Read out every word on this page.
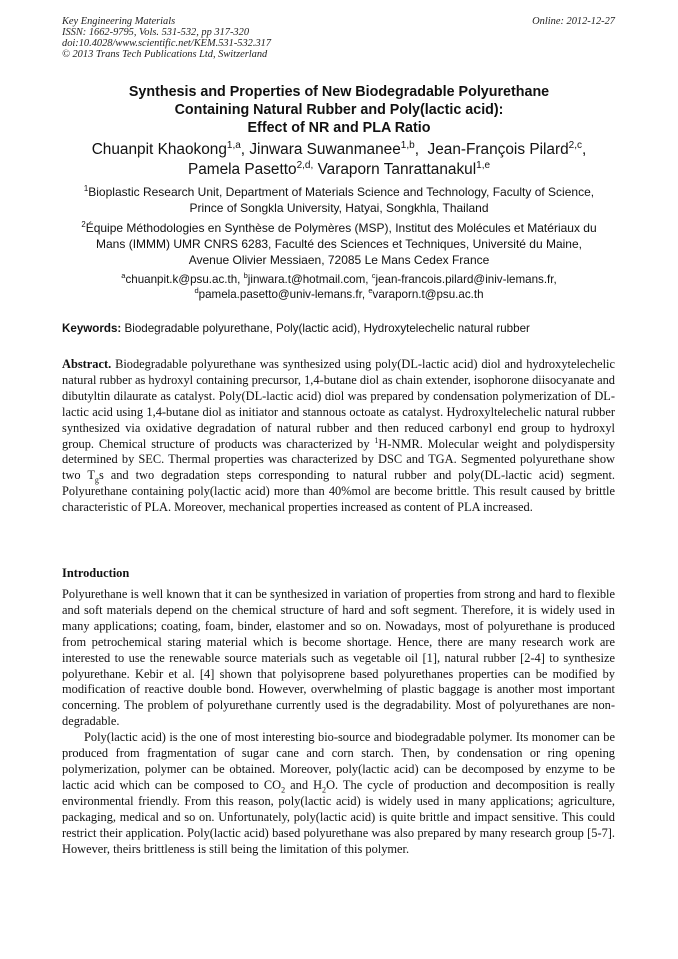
Key Engineering Materials
ISSN: 1662-9795, Vols. 531-532, pp 317-320
doi:10.4028/www.scientific.net/KEM.531-532.317
© 2013 Trans Tech Publications Ltd, Switzerland
Online: 2012-12-27
Synthesis and Properties of New Biodegradable Polyurethane
Containing Natural Rubber and Poly(lactic acid):
Effect of NR and PLA Ratio
Chuanpit Khaokong$^{1,a}$, Jinwara Suwanmanee$^{1,b}$,  Jean-François Pilard$^{2,c}$,
Pamela Pasetto$^{2,d,}$ Varaporn Tanrattanakul$^{1,e}$
$^1$Bioplastic Research Unit, Department of Materials Science and Technology, Faculty of Science,
Prince of Songkla University, Hatyai, Songkhla, Thailand
$^2$Équipe Méthodologies en Synthèse de Polymères (MSP), Institut des Molécules et Matériaux du
Mans (IMMM) UMR CNRS 6283, Faculté des Sciences et Techniques, Université du Maine,
Avenue Olivier Messiaen, 72085 Le Mans Cedex France
$^a$chuanpit.k@psu.ac.th, $^b$jinwara.t@hotmail.com, $^c$jean-francois.pilard@iniv-lemans.fr,
$^d$pamela.pasetto@univ-lemans.fr, $^e$varaporn.t@psu.ac.th
Keywords: Biodegradable polyurethane, Poly(lactic acid), Hydroxytelechelic natural rubber

Abstract. Biodegradable polyurethane was synthesized using poly(DL-lactic acid) diol and hydroxytelechelic natural rubber as hydroxyl containing precursor, 1,4-butane diol as chain extender, isophorone diisocyanate and dibutyltin dilaurate as catalyst. Poly(DL-lactic acid) diol was prepared by condensation polymerization of DL-lactic acid using 1,4-butane diol as initiator and stannous octoate as catalyst. Hydroxyltelechelic natural rubber synthesized via oxidative degradation of natural rubber and then reduced carbonyl end group to hydroxyl group. Chemical structure of products was characterized by $^1$H-NMR. Molecular weight and polydispersity determined by SEC. Thermal properties was characterized by DSC and TGA. Segmented polyurethane show two $T_gs$ and two degradation steps corresponding to natural rubber and poly(DL-lactic acid) segment. Polyurethane containing poly(lactic acid) more than 40%mol are become brittle. This result caused by brittle characteristic of PLA. Moreover, mechanical properties increased as content of PLA increased.

Introduction

Polyurethane is well known that it can be synthesized in variation of properties from strong and hard to flexible and soft materials depend on the chemical structure of hard and soft segment. Therefore, it is widely used in many applications; coating, foam, binder, elastomer and so on. Nowadays, most of polyurethane is produced from petrochemical staring material which is become shortage. Hence, there are many research work are interested to use the renewable source materials such as vegetable oil [1], natural rubber [2-4] to synthesize polyurethane. Kebir et al. [4] shown that polyisoprene based polyurethanes properties can be modified by modification of reactive double bond. However, overwhelming of plastic baggage is another most important concerning. The problem of polyurethane currently used is the degradability. Most of polyurethanes are non-degradable.

Poly(lactic acid) is the one of most interesting bio-source and biodegradable polymer. Its monomer can be produced from fragmentation of sugar cane and corn starch. Then, by condensation or ring opening polymerization, polymer can be obtained. Moreover, poly(lactic acid) can be decomposed by enzyme to be lactic acid which can be composed to $CO_2$ and $H_2O$. The cycle of production and decomposition is really environmental friendly. From this reason, poly(lactic acid) is widely used in many applications; agriculture, packaging, medical and so on. Unfortunately, poly(lactic acid) is quite brittle and impact sensitive. This could restrict their application. Poly(lactic acid) based polyurethane was also prepared by many research group [5-7]. However, theirs brittleness is still being the limitation of this polymer.
